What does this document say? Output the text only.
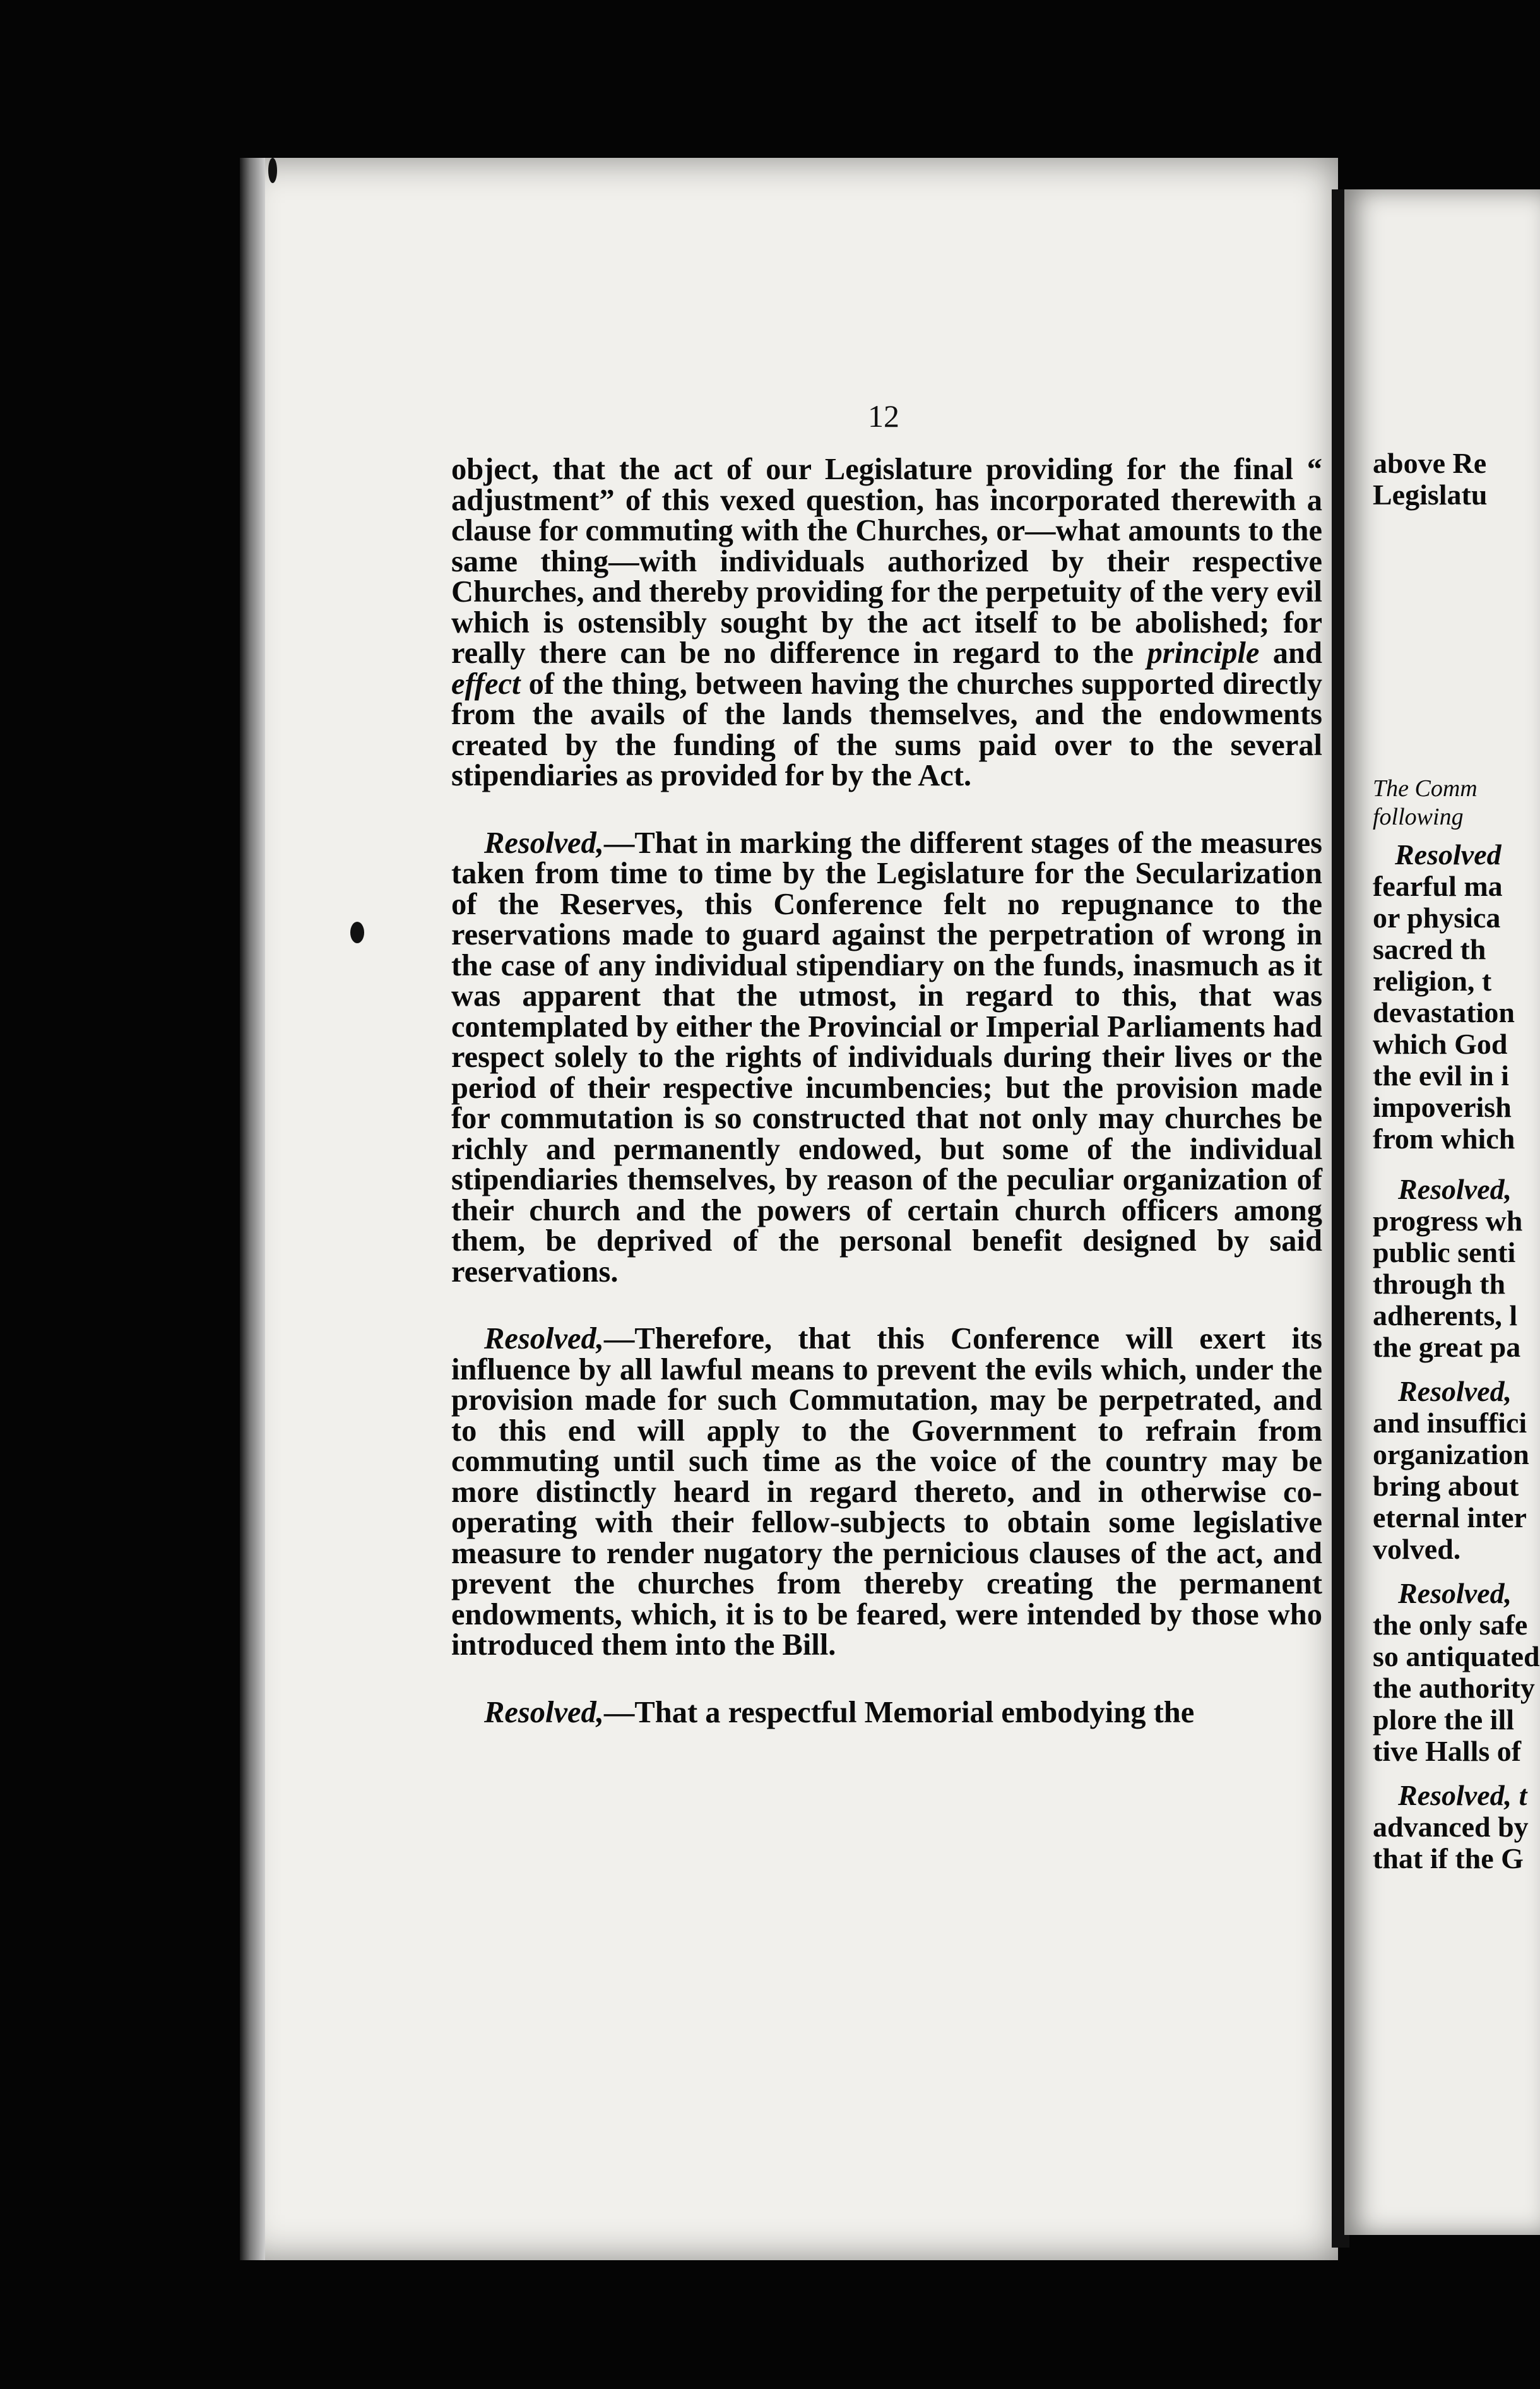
above Re
Legislatu
The Comm
following
Resolved
fearful ma
or physica
sacred th
religion, t
devastation
which God
the evil in i
impoverish
from which
Resolved,
progress wh
public senti
through th
adherents, l
the great pa
Resolved,
and insuffici
organization
bring about
eternal inter
volved.
Resolved,
the only safe
so antiquated
the authority
plore the ill
tive Halls of
Resolved, t
advanced by
that if the G
12

object, that the act of our Legislature providing for the final “ adjustment” of this vexed question, has incorporated therewith a clause for commuting with the Churches, or—what amounts to the same thing—with individuals authorized by their respective Churches, and thereby providing for the perpetuity of the very evil which is ostensibly sought by the act itself to be abolished; for really there can be no difference in regard to the principle and effect of the thing, between having the churches supported directly from the avails of the lands themselves, and the endowments created by the funding of the sums paid over to the several stipendiaries as provided for by the Act.

Resolved,—That in marking the different stages of the measures taken from time to time by the Legislature for the Secularization of the Reserves, this Conference felt no repugnance to the reservations made to guard against the perpetration of wrong in the case of any individual stipendiary on the funds, inasmuch as it was apparent that the utmost, in regard to this, that was contemplated by either the Provincial or Imperial Parliaments had respect solely to the rights of individuals during their lives or the period of their respective incumbencies; but the provision made for commutation is so constructed that not only may churches be richly and permanently endowed, but some of the individual stipendiaries themselves, by reason of the peculiar organization of their church and the powers of certain church officers among them, be deprived of the personal benefit designed by said reservations.

Resolved,—Therefore, that this Conference will exert its influence by all lawful means to prevent the evils which, under the provision made for such Commutation, may be perpetrated, and to this end will apply to the Government to refrain from commuting until such time as the voice of the country may be more distinctly heard in regard thereto, and in otherwise co-operating with their fellow-subjects to obtain some legislative measure to render nugatory the pernicious clauses of the act, and prevent the churches from thereby creating the permanent endowments, which, it is to be feared, were intended by those who introduced them into the Bill.

Resolved,—That a respectful Memorial embodying the
